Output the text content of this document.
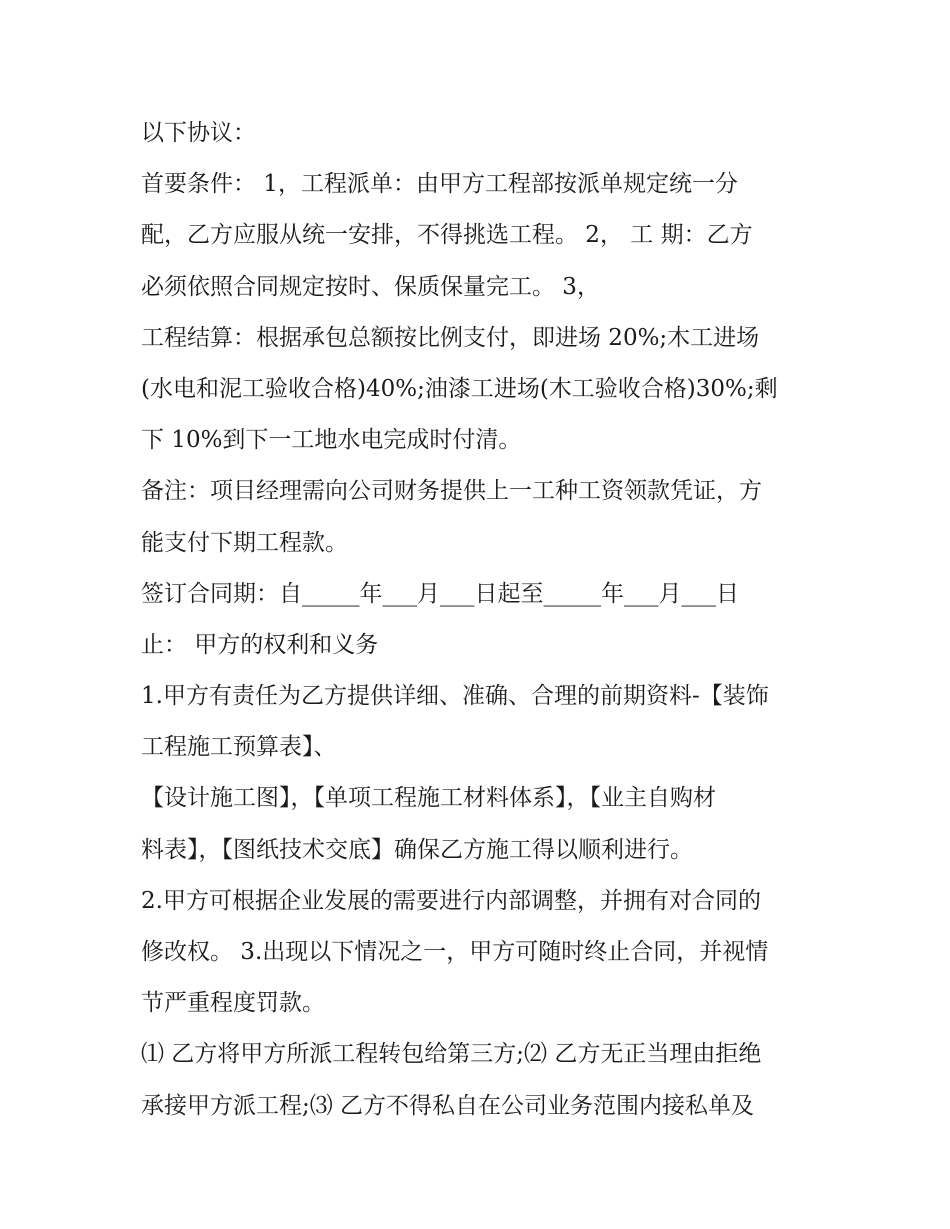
以下协议：
首要条件： 1，工程派单：由甲方工程部按派单规定统一分
配，乙方应服从统一安排，不得挑选工程。 2， 工 期：乙方
必须依照合同规定按时、保质保量完工。 3，
工程结算：根据承包总额按比例支付，即进场 20%;木工进场
(水电和泥工验收合格)40%;油漆工进场(木工验收合格)30%;剩
下 10%到下一工地水电完成时付清。
备注：项目经理需向公司财务提供上一工种工资领款凭证，方
能支付下期工程款。
签订合同期：自_____年___月___日起至_____年___月___日
止： 甲方的权利和义务
1.甲方有责任为乙方提供详细、准确、合理的前期资料-【装饰
工程施工预算表】、
【设计施工图】，【单项工程施工材料体系】，【业主自购材
料表】，【图纸技术交底】确保乙方施工得以顺利进行。
2.甲方可根据企业发展的需要进行内部调整，并拥有对合同的
修改权。 3.出现以下情况之一，甲方可随时终止合同，并视情
节严重程度罚款。
⑴ 乙方将甲方所派工程转包给第三方;⑵ 乙方无正当理由拒绝
承接甲方派工程;⑶ 乙方不得私自在公司业务范围内接私单及
